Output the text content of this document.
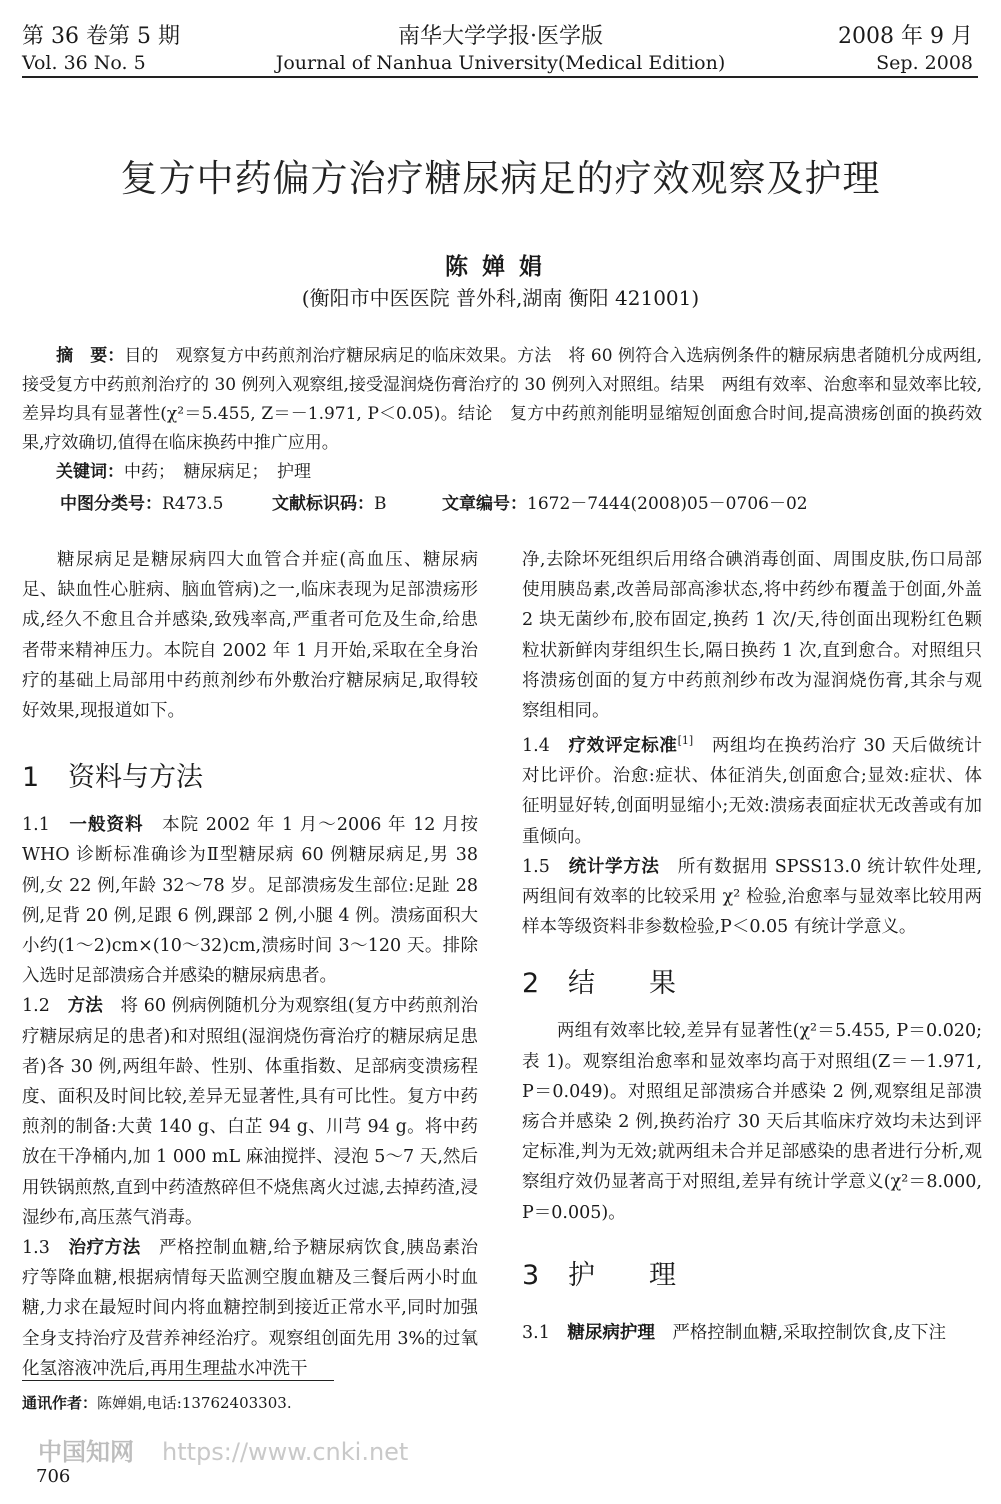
第 36 卷第 5 期
Vol. 36 No. 5
南华大学学报·医学版
Journal of Nanhua University(Medical Edition)
2008 年 9 月
Sep. 2008
复方中药偏方治疗糖尿病足的疗效观察及护理
陈婵娟
(衡阳市中医医院 普外科,湖南 衡阳 421001)
摘　要：目的　观察复方中药煎剂治疗糖尿病足的临床效果。方法　将 60 例符合入选病例条件的糖尿病患者随机分成两组,接受复方中药煎剂治疗的 30 例列入观察组,接受湿润烧伤膏治疗的 30 例列入对照组。结果　两组有效率、治愈率和显效率比较,差异均具有显著性(χ²＝5.455, Z＝－1.971, P＜0.05)。结论　复方中药煎剂能明显缩短创面愈合时间,提高溃疡创面的换药效果,疗效确切,值得在临床换药中推广应用。
关键词：中药；　糖尿病足；　护理
中图分类号：R473.5	文献标识码：B	文章编号：1672－7444(2008)05－0706－02

糖尿病足是糖尿病四大血管合并症(高血压、糖尿病足、缺血性心脏病、脑血管病)之一,临床表现为足部溃疡形成,经久不愈且合并感染,致残率高,严重者可危及生命,给患者带来精神压力。本院自 2002 年 1 月开始,采取在全身治疗的基础上局部用中药煎剂纱布外敷治疗糖尿病足,取得较好效果,现报道如下。

1 资料与方法

1.1　 一般资料　 本院 2002 年 1 月～2006 年 12 月按 WHO 诊断标准确诊为Ⅱ型糖尿病 60 例糖尿病足,男 38 例,女 22 例,年龄 32～78 岁。足部溃疡发生部位:足趾 28 例,足背 20 例,足跟 6 例,踝部 2 例,小腿 4 例。溃疡面积大小约(1～2)cm×(10～32)cm,溃疡时间 3～120 天。排除入选时足部溃疡合并感染的糖尿病患者。

1.2　 方法　 将 60 例病例随机分为观察组(复方中药煎剂治疗糖尿病足的患者)和对照组(湿润烧伤膏治疗的糖尿病足患者)各 30 例,两组年龄、性别、体重指数、足部病变溃疡程度、面积及时间比较,差异无显著性,具有可比性。复方中药煎剂的制备:大黄 140 g、白芷 94 g、川芎 94 g。将中药放在干净桶内,加 1 000 mL 麻油搅拌、浸泡 5～7 天,然后用铁锅煎熬,直到中药渣熬碎但不烧焦离火过滤,去掉药渣,浸湿纱布,高压蒸气消毒。

1.3　 治疗方法　 严格控制血糖,给予糖尿病饮食,胰岛素治疗等降血糖,根据病情每天监测空腹血糖及三餐后两小时血糖,力求在最短时间内将血糖控制到接近正常水平,同时加强全身支持治疗及营养神经治疗。观察组创面先用 3%的过氧化氢溶液冲洗后,再用生理盐水冲洗干

净,去除坏死组织后用络合碘消毒创面、周围皮肤,伤口局部使用胰岛素,改善局部高渗状态,将中药纱布覆盖于创面,外盖 2 块无菌纱布,胶布固定,换药 1 次/天,待创面出现粉红色颗粒状新鲜肉芽组织生长,隔日换药 1 次,直到愈合。对照组只将溃疡创面的复方中药煎剂纱布改为湿润烧伤膏,其余与观察组相同。

1.4　 疗效评定标准[1]　 两组均在换药治疗 30 天后做统计对比评价。治愈:症状、体征消失,创面愈合;显效:症状、体征明显好转,创面明显缩小;无效:溃疡表面症状无改善或有加重倾向。

1.5　 统计学方法　 所有数据用 SPSS13.0 统计软件处理,两组间有效率的比较采用 χ² 检验,治愈率与显效率比较用两样本等级资料非参数检验,P＜0.05 有统计学意义。

2 结　　果

两组有效率比较,差异有显著性(χ²＝5.455, P＝0.020;表 1)。观察组治愈率和显效率均高于对照组(Z＝－1.971, P＝0.049)。对照组足部溃疡合并感染 2 例,观察组足部溃疡合并感染 2 例,换药治疗 30 天后其临床疗效均未达到评定标准,判为无效;就两组未合并足部感染的患者进行分析,观察组疗效仍显著高于对照组,差异有统计学意义(χ²＝8.000, P＝0.005)。

3 护　　理

3.1　 糖尿病护理　 严格控制血糖,采取控制饮食,皮下注

通讯作者：陈婵娟,电话:13762403303.
中国知网 https://www.cnki.net
706
